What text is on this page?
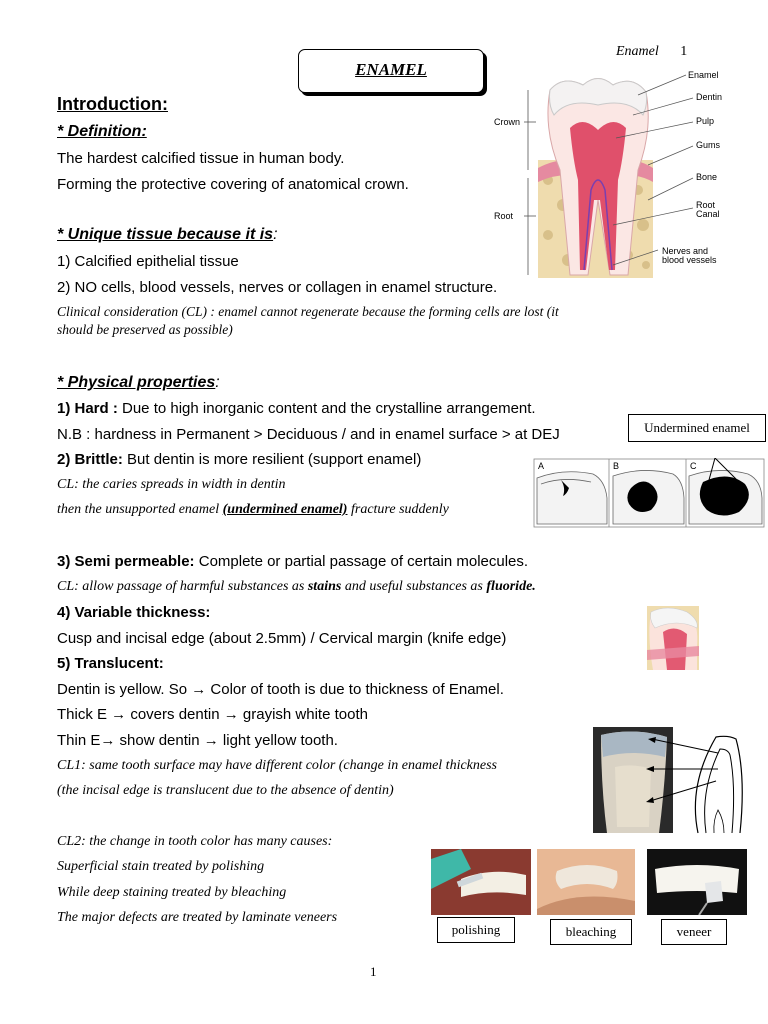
Enamel 1
ENAMEL
Introduction:
* Definition:
The hardest calcified tissue in human body.
Forming the protective covering of anatomical crown.
* Unique tissue because it is:
1) Calcified epithelial tissue
2) NO cells, blood vessels, nerves or collagen in enamel structure.
Clinical consideration (CL) : enamel cannot regenerate because the forming cells are lost (it
should be preserved as possible)
Crown
Root
Enamel
Dentin
Pulp
Gums
Bone
Root
Canal
Nerves and
blood vessels
* Physical properties:
1) Hard : Due to high inorganic content and the crystalline arrangement.
N.B : hardness in Permanent > Deciduous / and in enamel surface > at DEJ
2) Brittle: But dentin is more resilient (support enamel)
CL: the caries spreads in width in dentin
then the unsupported enamel (undermined enamel) fracture suddenly
Undermined enamel
A	B	C
3) Semi permeable: Complete or partial passage of certain molecules.
CL: allow passage of harmful substances as stains and useful substances as fluoride.
4) Variable thickness:
Cusp and incisal edge (about 2.5mm) / Cervical margin (knife edge)
5) Translucent:
Dentin is yellow. So → Color of tooth is due to thickness of Enamel.
Thick E → covers dentin → grayish white tooth
Thin E→ show dentin → light yellow tooth.
CL1: same tooth surface may have different color (change in enamel thickness
(the incisal edge is translucent due to the absence of dentin)
CL2: the change in tooth color has many causes:
Superficial stain treated by polishing
While deep staining treated by bleaching
The major defects are treated by laminate veneers
polishing	bleaching	veneer
1
